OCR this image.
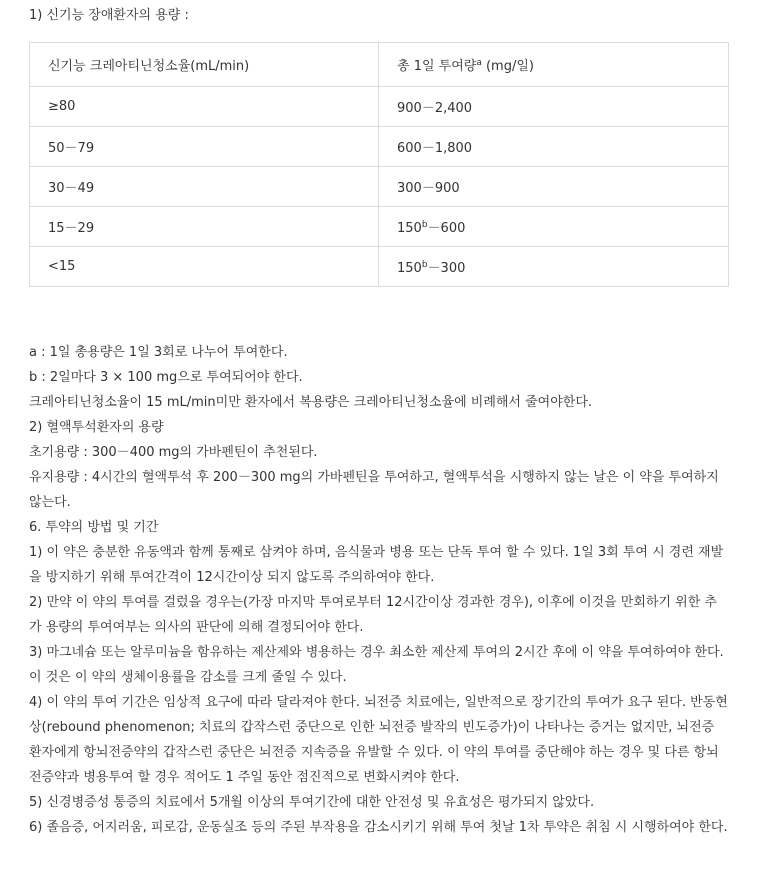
1) 신기능 장애환자의 용량 :
신기능 크레아티닌청소율(mL/min)	총 1일 투여량$^a$ (mg/일)
≥80	900－2,400
50－79	600－1,800
30－49	300－900
15－29	$150^b-600$
<15	$150^b-300$

a : 1일 총용량은 1일 3회로 나누어 투여한다.

b : 2일마다 3 × 100 mg으로 투여되어야 한다.

크레아티닌청소율이 15 mL/min미만 환자에서 복용량은 크레아티닌청소율에 비례해서 줄여야한다.

2) 혈액투석환자의 용량

초기용량 : 300－400 mg의 가바펜틴이 추천된다.

유지용량 : 4시간의 혈액투석 후 200－300 mg의 가바펜틴을 투여하고, 혈액투석을 시행하지 않는 날은 이 약을 투여하지 않는다.

6. 투약의 방법 및 기간

1) 이 약은 충분한 유동액과 함께 통째로 삼켜야 하며, 음식물과 병용 또는 단독 투여 할 수 있다. 1일 3회 투여 시 경련 재발을 방지하기 위해 투여간격이 12시간이상 되지 않도록 주의하여야 한다.

2) 만약 이 약의 투여를 걸렀을 경우는(가장 마지막 투여로부터 12시간이상 경과한 경우), 이후에 이것을 만회하기 위한 추가 용량의 투여여부는 의사의 판단에 의해 결정되어야 한다.

3) 마그네슘 또는 알루미늄을 함유하는 제산제와 병용하는 경우 최소한 제산제 투여의 2시간 후에 이 약을 투여하여야 한다. 이 것은 이 약의 생체이용률을 감소를 크게 줄일 수 있다.

4) 이 약의 투여 기간은 임상적 요구에 따라 달라져야 한다. 뇌전증 치료에는, 일반적으로 장기간의 투여가 요구 된다. 반동현상(rebound phenomenon; 치료의 갑작스런 중단으로 인한 뇌전증 발작의 빈도증가)이 나타나는 증거는 없지만, 뇌전증 환자에게 항뇌전증약의 갑작스런 중단은 뇌전증 지속증을 유발할 수 있다. 이 약의 투여를 중단해야 하는 경우 및 다른 항뇌전증약과 병용투여 할 경우 적어도 1 주일 동안 점진적으로 변화시켜야 한다.

5) 신경병증성 통증의 치료에서 5개월 이상의 투여기간에 대한 안전성 및 유효성은 평가되지 않았다.

6) 졸음증, 어지러움, 피로감, 운동실조 등의 주된 부작용을 감소시키기 위해 투여 첫날 1차 투약은 취침 시 시행하여야 한다.
